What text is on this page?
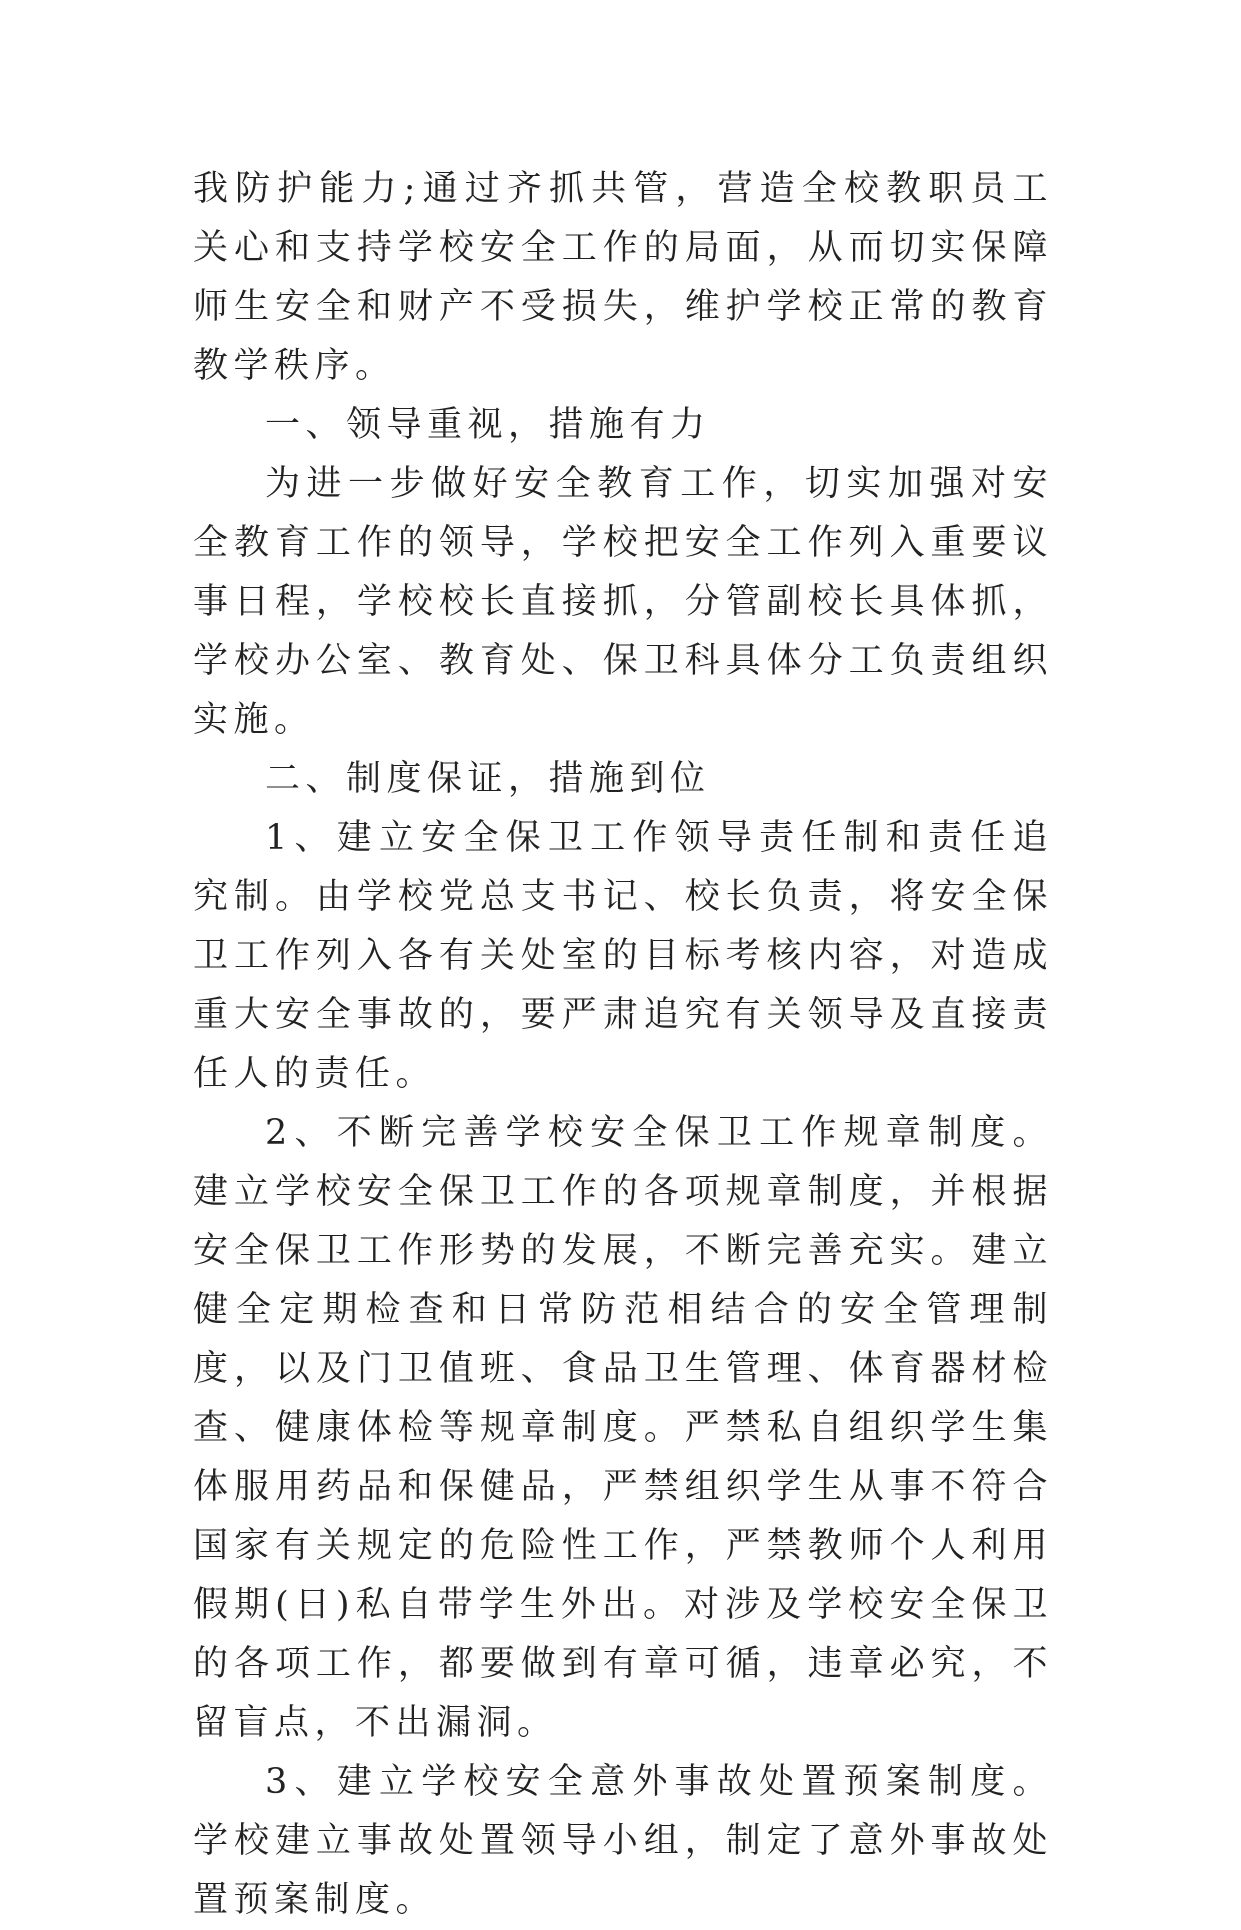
我防护能力;通过齐抓共管，营造全校教职员工关心和支持学校安全工作的局面，从而切实保障师生安全和财产不受损失，维护学校正常的教育教学秩序。

一、领导重视，措施有力

为进一步做好安全教育工作，切实加强对安全教育工作的领导，学校把安全工作列入重要议事日程，学校校长直接抓，分管副校长具体抓，学校办公室、教育处、保卫科具体分工负责组织实施。

二、制度保证，措施到位

1、建立安全保卫工作领导责任制和责任追究制。由学校党总支书记、校长负责，将安全保卫工作列入各有关处室的目标考核内容，对造成重大安全事故的，要严肃追究有关领导及直接责任人的责任。

2、不断完善学校安全保卫工作规章制度。建立学校安全保卫工作的各项规章制度，并根据安全保卫工作形势的发展，不断完善充实。建立健全定期检查和日常防范相结合的安全管理制度，以及门卫值班、食品卫生管理、体育器材检查、健康体检等规章制度。严禁私自组织学生集体服用药品和保健品，严禁组织学生从事不符合国家有关规定的危险性工作，严禁教师个人利用假期(日)私自带学生外出。对涉及学校安全保卫的各项工作，都要做到有章可循，违章必究，不留盲点，不出漏洞。

3、建立学校安全意外事故处置预案制度。学校建立事故处置领导小组，制定了意外事故处置预案制度。
